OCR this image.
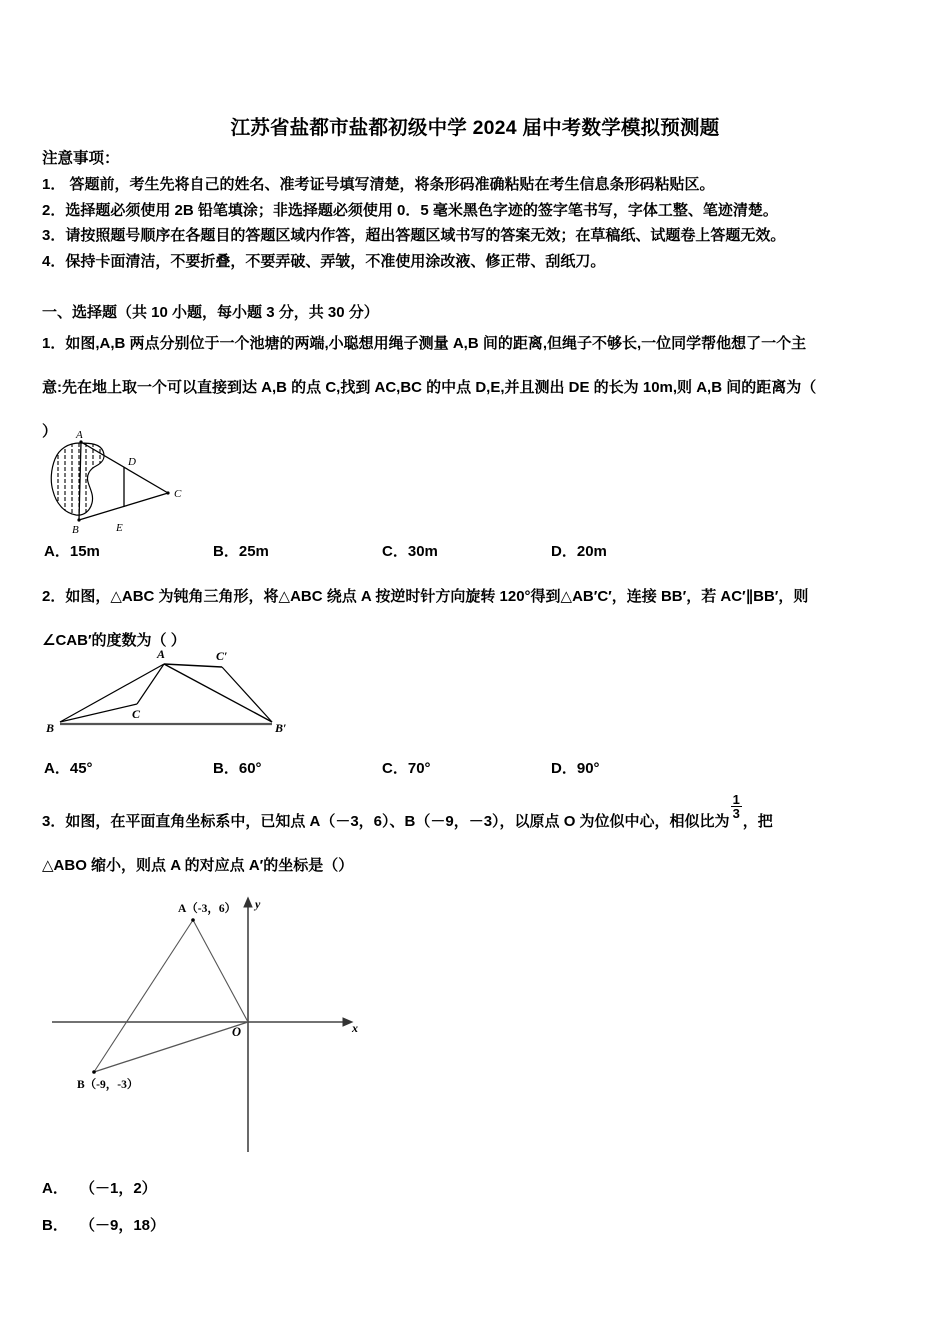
江苏省盐都市盐都初级中学 2024 届中考数学模拟预测题
注意事项：
1． 答题前，考生先将自己的姓名、准考证号填写清楚，将条形码准确粘贴在考生信息条形码粘贴区。
2．选择题必须使用 2B 铅笔填涂；非选择题必须使用 0．5 毫米黑色字迹的签字笔书写，字体工整、笔迹清楚。
3．请按照题号顺序在各题目的答题区域内作答，超出答题区域书写的答案无效；在草稿纸、试题卷上答题无效。
4．保持卡面清洁，不要折叠，不要弄破、弄皱，不准使用涂改液、修正带、刮纸刀。
一、选择题（共 10 小题，每小题 3 分，共 30 分）
1．如图,A,B 两点分别位于一个池塘的两端,小聪想用绳子测量 A,B 间的距离,但绳子不够长,一位同学帮他想了一个主
意:先在地上取一个可以直接到达 A,B 的点 C,找到 AC,BC 的中点 D,E,并且测出 DE 的长为 10m,则 A,B 间的距离为（
）	A
B
C
D
E
A．15m	B．25m	C．30m	D．20m
2．如图，△ABC 为钝角三角形，将△ABC 绕点 A 按逆时针方向旋转 120°得到△AB′C′，连接 BB′，若 AC′∥BB′，则
∠CAB′的度数为（ ）
A
B
C
C′
B′
A．45°	B．60°	C．70°	D．90°
3．如图，在平面直角坐标系中，已知点 A（－3，6）、B（－9，－3），以原点 O 为位似中心，相似比为
$\frac{1}{3}$
，把
△ABO 缩小，则点 A 的对应点 A′的坐标是（）
A（-3，6）
B（-9，-3）
O	x
y
A． （－1，2）
B． （－9，18）
